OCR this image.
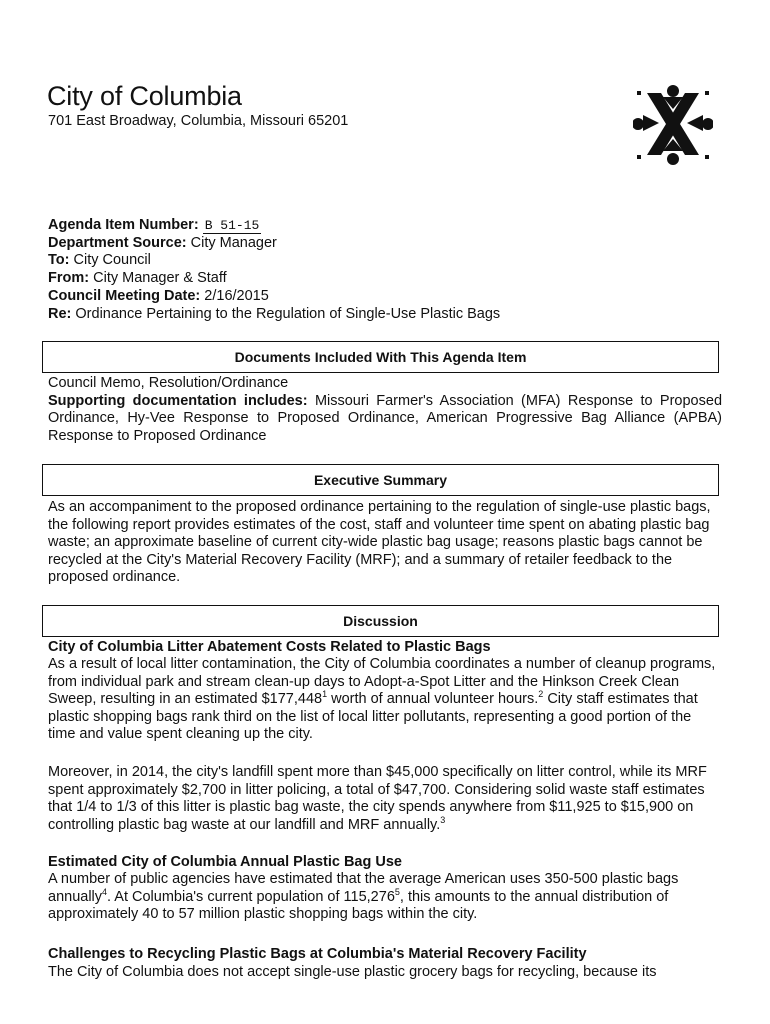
City of Columbia
701 East Broadway, Columbia, Missouri 65201
Agenda Item Number: B 51-15
Department Source: City Manager
To: City Council
From: City Manager & Staff
Council Meeting Date: 2/16/2015
Re: Ordinance Pertaining to the Regulation of Single-Use Plastic Bags
Documents Included With This Agenda Item
Council Memo, Resolution/Ordinance
Supporting documentation includes: Missouri Farmer's Association (MFA) Response to Proposed Ordinance, Hy-Vee Response to Proposed Ordinance, American Progressive Bag Alliance (APBA) Response to Proposed Ordinance
Executive Summary
As an accompaniment to the proposed ordinance pertaining to the regulation of single-use plastic bags, the following report provides estimates of the cost, staff and volunteer time spent on abating plastic bag waste; an approximate baseline of current city-wide plastic bag usage; reasons plastic bags cannot be recycled at the City's Material Recovery Facility (MRF); and a summary of retailer feedback to the proposed ordinance.
Discussion
City of Columbia Litter Abatement Costs Related to Plastic Bags
As a result of local litter contamination, the City of Columbia coordinates a number of cleanup programs, from individual park and stream clean-up days to Adopt-a-Spot Litter and the Hinkson Creek Clean Sweep, resulting in an estimated $177,448$^1$ worth of annual volunteer hours.$^2$ City staff estimates that plastic shopping bags rank third on the list of local litter pollutants, representing a good portion of the time and value spent cleaning up the city.
Moreover, in 2014, the city's landfill spent more than $45,000 specifically on litter control, while its MRF spent approximately $2,700 in litter policing, a total of $47,700. Considering solid waste staff estimates that 1/4 to 1/3 of this litter is plastic bag waste, the city spends anywhere from $11,925 to $15,900 on controlling plastic bag waste at our landfill and MRF annually.$^3$
Estimated City of Columbia Annual Plastic Bag Use
A number of public agencies have estimated that the average American uses 350-500 plastic bags annually$^4$. At Columbia's current population of 115,276$^5$, this amounts to the annual distribution of approximately 40 to 57 million plastic shopping bags within the city.
Challenges to Recycling Plastic Bags at Columbia's Material Recovery Facility
The City of Columbia does not accept single-use plastic grocery bags for recycling, because its
